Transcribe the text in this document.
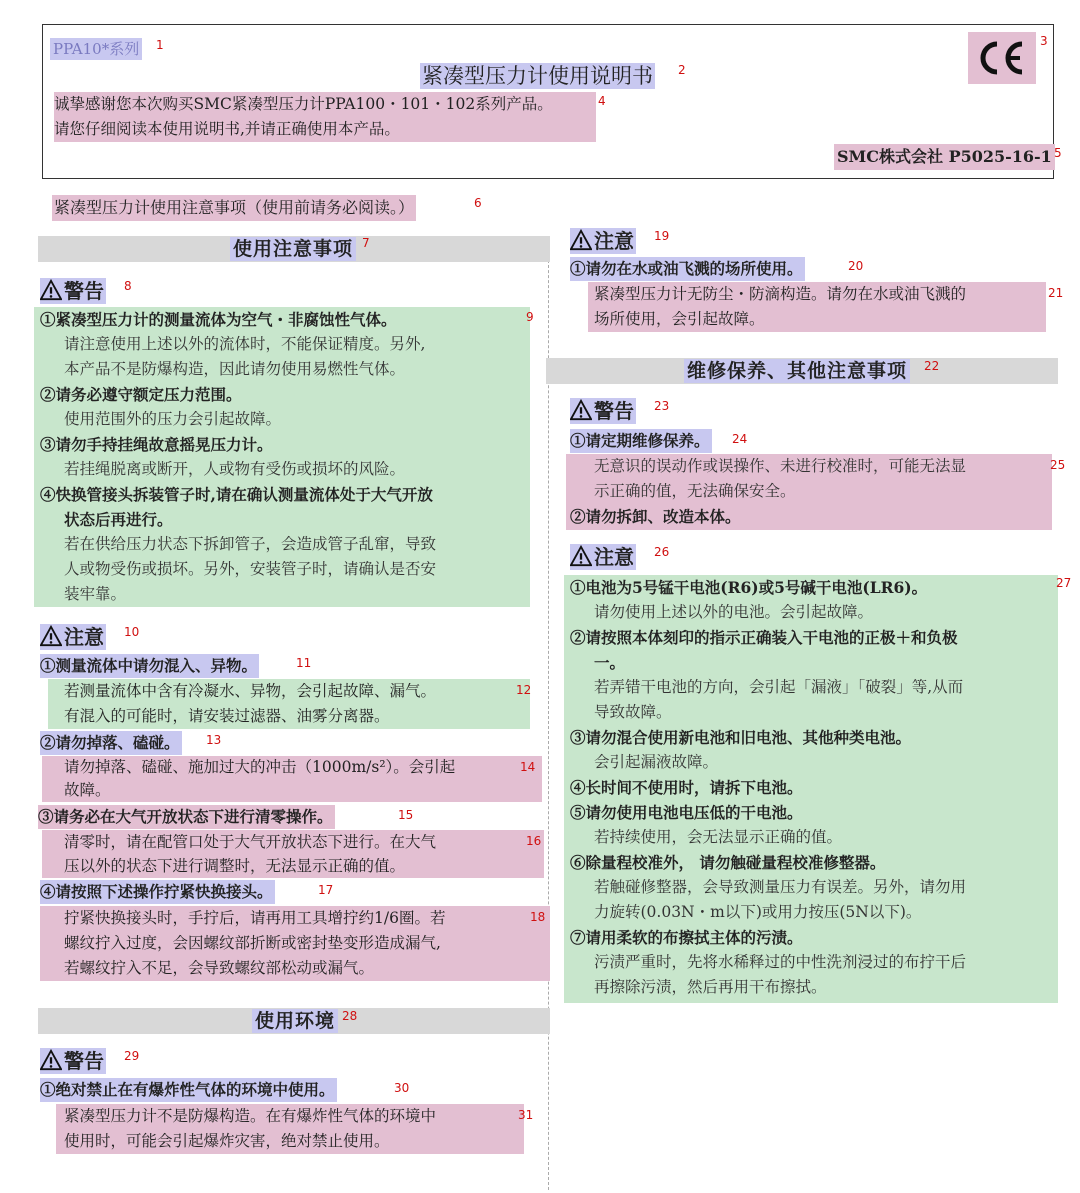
PPA10*系列 1
紧凑型压力计使用说明书 2
3
诚挚感谢您本次购买SMC紧凑型压力计PPA100・101・102系列产品。
请您仔细阅读本使用说明书,并请正确使用本产品。
4
SMC株式会社 P5025-16-1 5
紧凑型压力计使用注意事项（使用前请务必阅读。）	6
使用注意事项 7
警告 8
①紧凑型压力计的测量流体为空气・非腐蚀性气体。
请注意使用上述以外的流体时，不能保证精度。另外,
本产品不是防爆构造，因此请勿使用易燃性气体。
②请务必遵守额定压力范围。
使用范围外的压力会引起故障。
③请勿手持挂绳故意摇晃压力计。
若挂绳脱离或断开，人或物有受伤或损坏的风险。
④快换管接头拆装管子时,请在确认测量流体处于大气开放
状态后再进行。
若在供给压力状态下拆卸管子，会造成管子乱窜，导致
人或物受伤或损坏。另外，安装管子时，请确认是否安
装牢靠。
9
注意 10
①测量流体中请勿混入、异物。	11
若测量流体中含有冷凝水、异物，会引起故障、漏气。
有混入的可能时，请安装过滤器、油雾分离器。
12
②请勿掉落、磕碰。 13
请勿掉落、磕碰、施加过大的冲击（1000m/s²）。会引起
故障。
14
③请务必在大气开放状态下进行清零操作。	15
清零时，请在配管口处于大气开放状态下进行。在大气
压以外的状态下进行调整时，无法显示正确的值。
16
④请按照下述操作拧紧快换接头。	17
拧紧快换接头时，手拧后，请再用工具增拧约1/6圈。若
螺纹拧入过度，会因螺纹部折断或密封垫变形造成漏气,
若螺纹拧入不足，会导致螺纹部松动或漏气。
18
使用环境 28
警告 29
①绝对禁止在有爆炸性气体的环境中使用。	30
紧凑型压力计不是防爆构造。在有爆炸性气体的环境中
使用时，可能会引起爆炸灾害，绝对禁止使用。
31
注意 19
①请勿在水或油飞溅的场所使用。	20
紧凑型压力计无防尘・防滴构造。请勿在水或油飞溅的
场所使用，会引起故障。
21
维修保养、其他注意事项 22
警告 23
①请定期维修保养。 24
无意识的误动作或误操作、未进行校准时，可能无法显
示正确的值，无法确保安全。
②请勿拆卸、改造本体。
25
注意 26
①电池为5号锰干电池(R6)或5号碱干电池(LR6)。
请勿使用上述以外的电池。会引起故障。
②请按照本体刻印的指示正确装入干电池的正极＋和负极
一。
若弄错干电池的方向，会引起「漏液」「破裂」等,从而
导致故障。
③请勿混合使用新电池和旧电池、其他种类电池。
会引起漏液故障。
④长时间不使用时，请拆下电池。
⑤请勿使用电池电压低的干电池。
若持续使用，会无法显示正确的值。
⑥除量程校准外， 请勿触碰量程校准修整器。
若触碰修整器，会导致测量压力有误差。另外，请勿用
力旋转(0.03N・m以下)或用力按压(5N以下)。
⑦请用柔软的布擦拭主体的污渍。
污渍严重时，先将水稀释过的中性洗剂浸过的布拧干后
再擦除污渍，然后再用干布擦拭。
27
